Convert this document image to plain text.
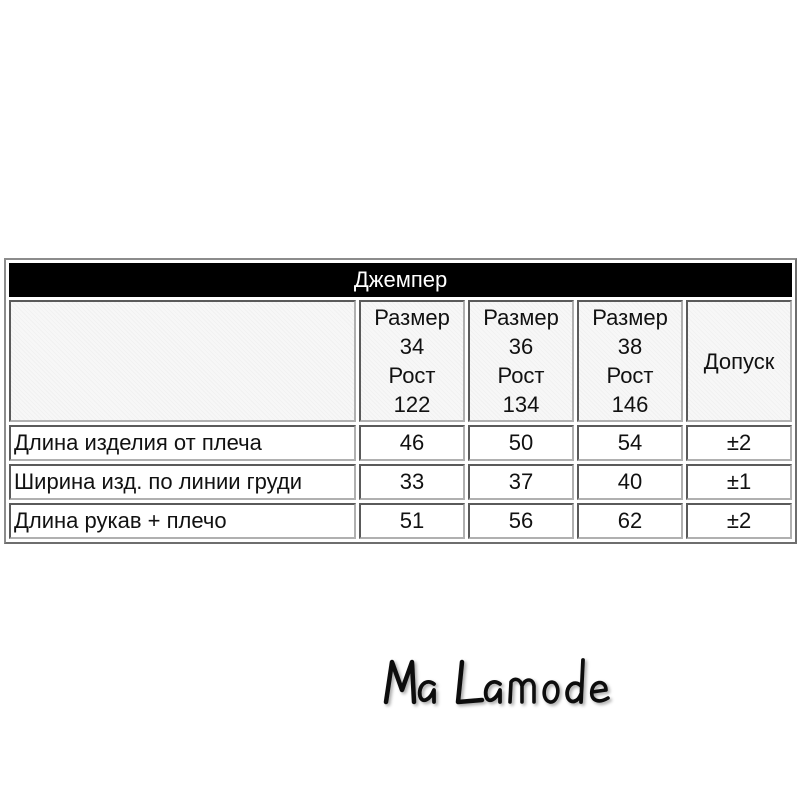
Джемпер				

	Размер
34
Рост
122	Размер
36
Рост
134	Размер
38
Рост
146	Допуск
Длина изделия от плеча	46	50	54	±2
Ширина изд. по линии груди	33	37	40	±1
Длина рукав + плечо	51	56	62	±2
